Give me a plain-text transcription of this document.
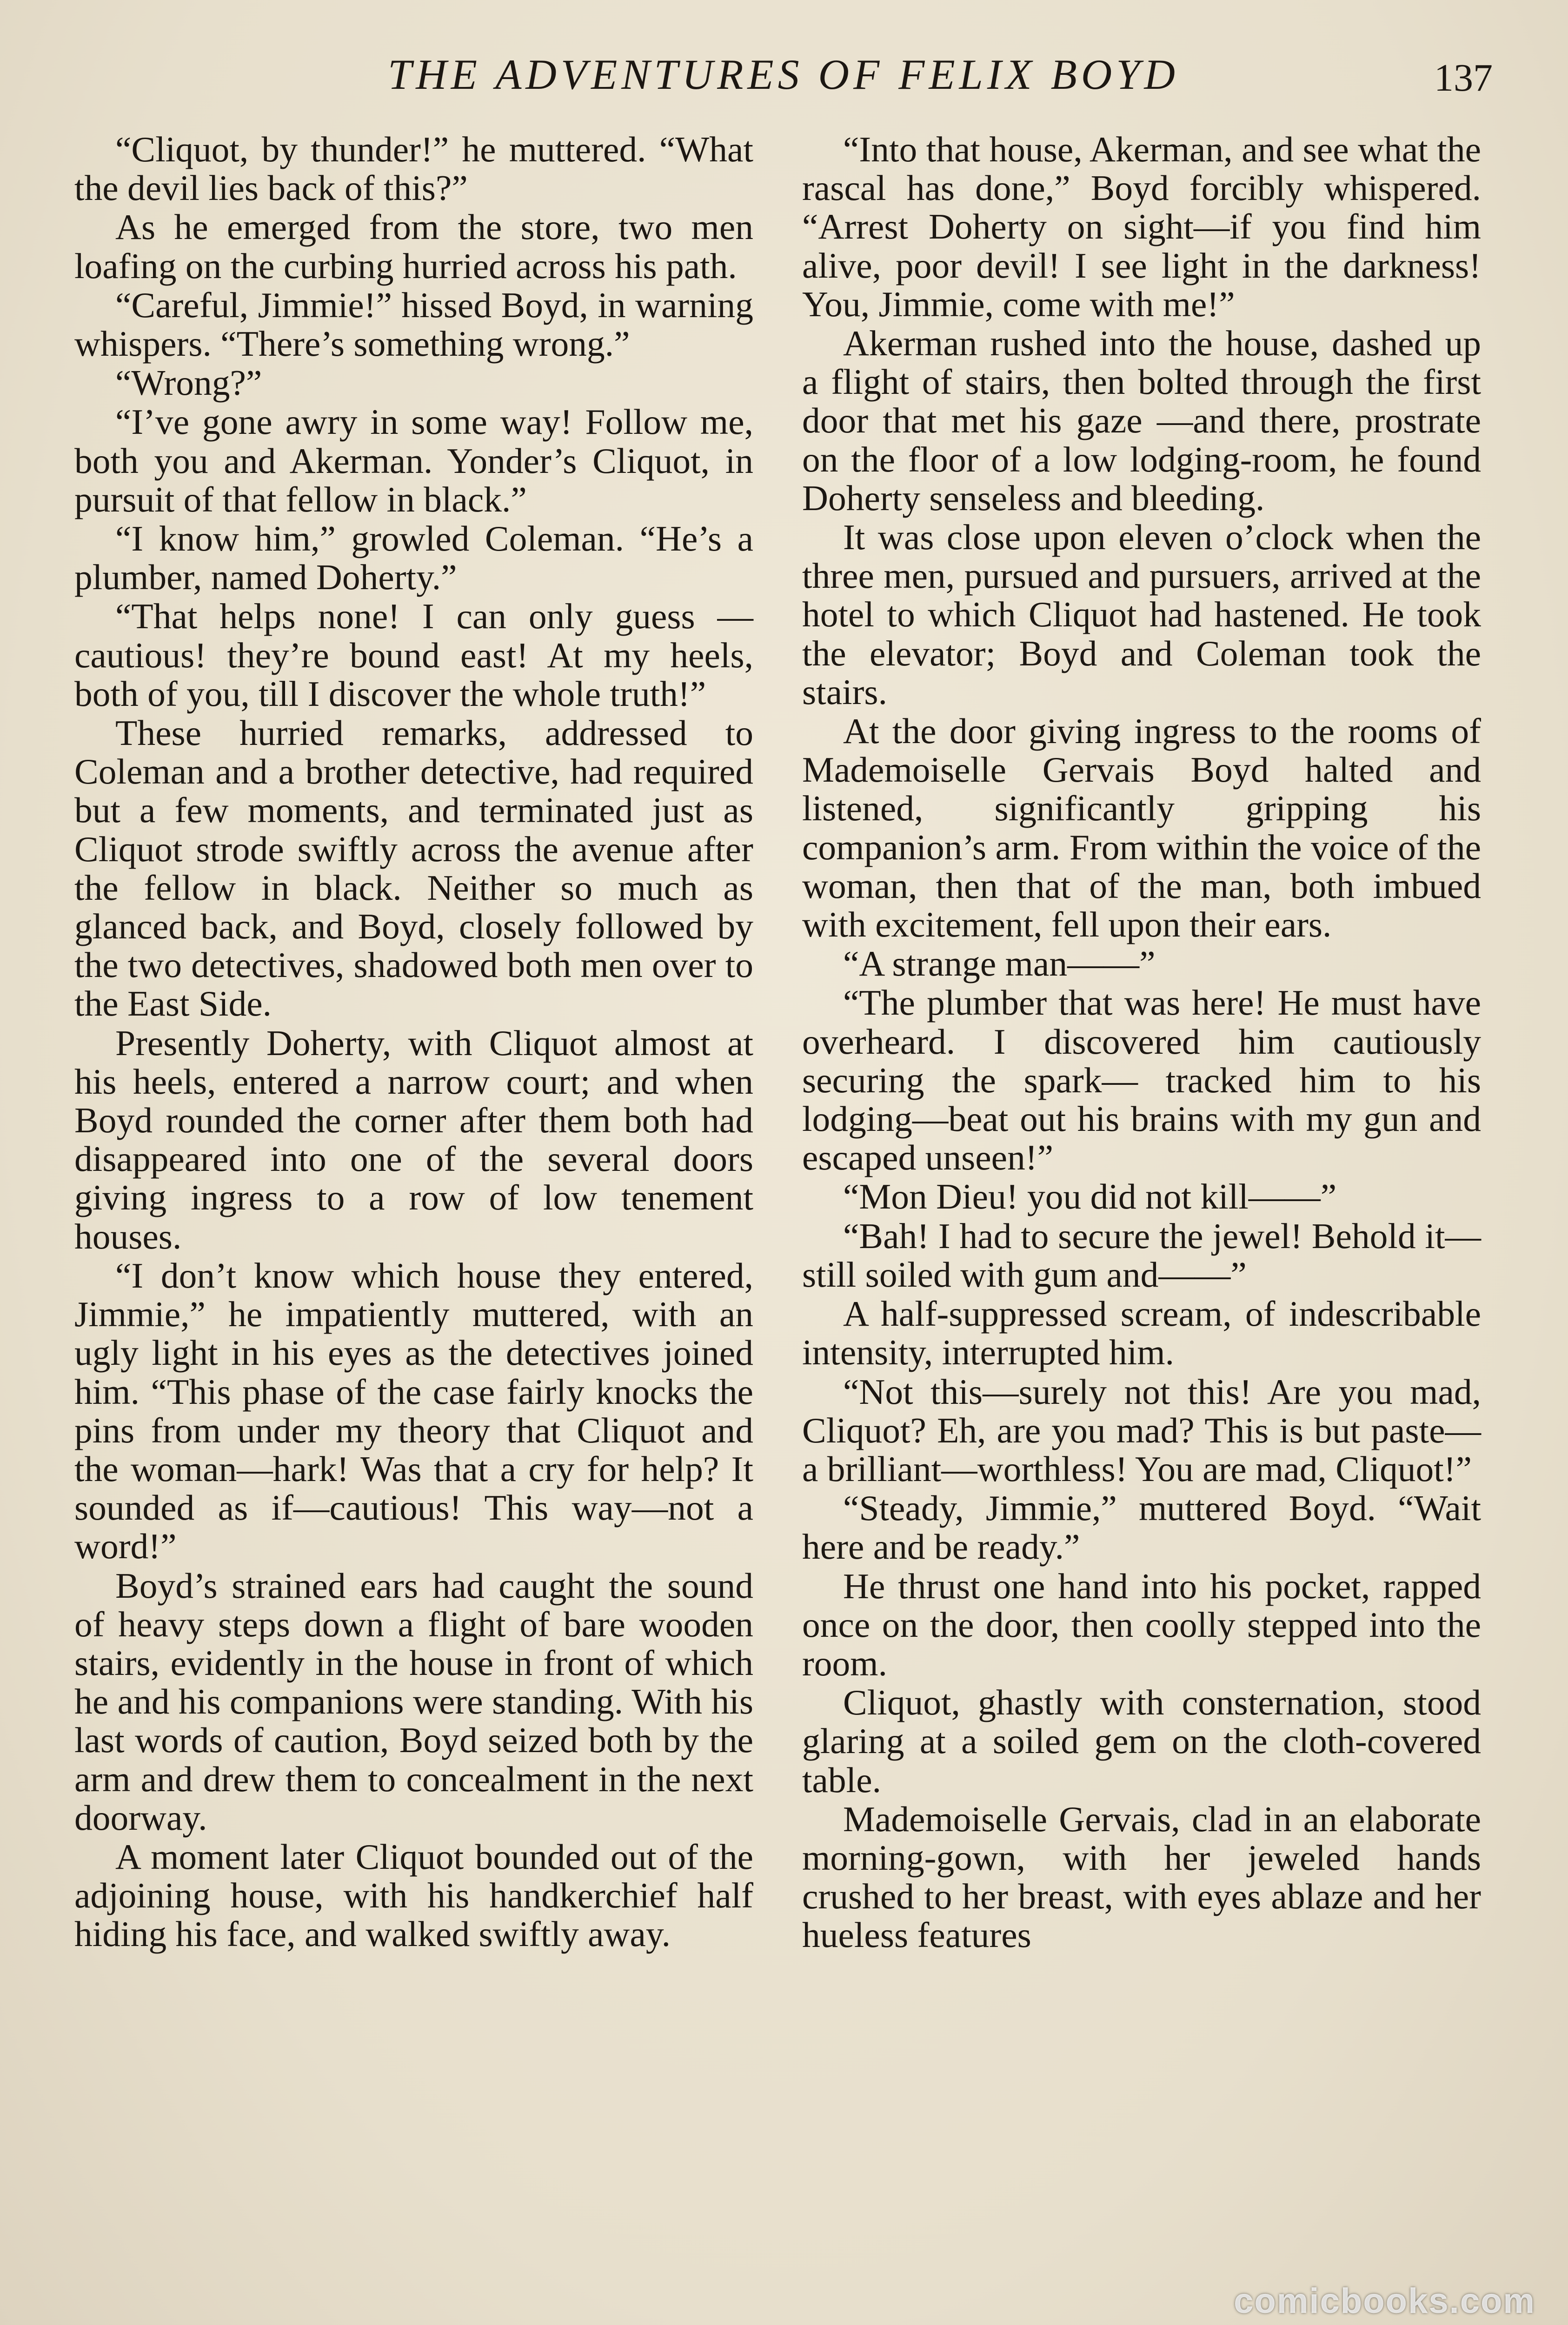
THE ADVENTURES OF FELIX BOYD	137

“Cliquot, by thunder!” he muttered. “What the devil lies back of this?”

As he emerged from the store, two men loafing on the curbing hurried across his path.

“Careful, Jimmie!” hissed Boyd, in warning whispers. “There’s something wrong.”

“Wrong?”

“I’ve gone awry in some way! Follow me, both you and Akerman. Yonder’s Cliquot, in pursuit of that fellow in black.”

“I know him,” growled Coleman. “He’s a plumber, named Doherty.”

“That helps none! I can only guess —cautious! they’re bound east! At my heels, both of you, till I discover the whole truth!”

These hurried remarks, addressed to Coleman and a brother detective, had required but a few moments, and terminated just as Cliquot strode swiftly across the avenue after the fellow in black. Neither so much as glanced back, and Boyd, closely followed by the two detectives, shadowed both men over to the East Side.

Presently Doherty, with Cliquot almost at his heels, entered a narrow court; and when Boyd rounded the corner after them both had disappeared into one of the several doors giving ingress to a row of low tenement houses.

“I don’t know which house they entered, Jimmie,” he impatiently muttered, with an ugly light in his eyes as the detectives joined him. “This phase of the case fairly knocks the pins from under my theory that Cliquot and the woman—hark! Was that a cry for help? It sounded as if—cautious! This way—not a word!”

Boyd’s strained ears had caught the sound of heavy steps down a flight of bare wooden stairs, evidently in the house in front of which he and his companions were standing. With his last words of caution, Boyd seized both by the arm and drew them to concealment in the next doorway.

A moment later Cliquot bounded out of the adjoining house, with his handkerchief half hiding his face, and walked swiftly away.

“Into that house, Akerman, and see what the rascal has done,” Boyd forcibly whispered. “Arrest Doherty on sight—if you find him alive, poor devil! I see light in the darkness! You, Jimmie, come with me!”

Akerman rushed into the house, dashed up a flight of stairs, then bolted through the first door that met his gaze —and there, prostrate on the floor of a low lodging-room, he found Doherty senseless and bleeding.

It was close upon eleven o’clock when the three men, pursued and pursuers, arrived at the hotel to which Cliquot had hastened. He took the elevator; Boyd and Coleman took the stairs.

At the door giving ingress to the rooms of Mademoiselle Gervais Boyd halted and listened, significantly gripping his companion’s arm. From within the voice of the woman, then that of the man, both imbued with excitement, fell upon their ears.

“A strange man——”

“The plumber that was here! He must have overheard. I discovered him cautiously securing the spark— tracked him to his lodging—beat out his brains with my gun and escaped unseen!”

“Mon Dieu! you did not kill——”

“Bah! I had to secure the jewel! Behold it—still soiled with gum and——”

A half-suppressed scream, of indescribable intensity, interrupted him.

“Not this—surely not this! Are you mad, Cliquot? Eh, are you mad? This is but paste—a brilliant—worthless! You are mad, Cliquot!”

“Steady, Jimmie,” muttered Boyd. “Wait here and be ready.”

He thrust one hand into his pocket, rapped once on the door, then coolly stepped into the room.

Cliquot, ghastly with consternation, stood glaring at a soiled gem on the cloth-covered table.

Mademoiselle Gervais, clad in an elaborate morning-gown, with her jeweled hands crushed to her breast, with eyes ablaze and her hueless features

comicbooks.com
